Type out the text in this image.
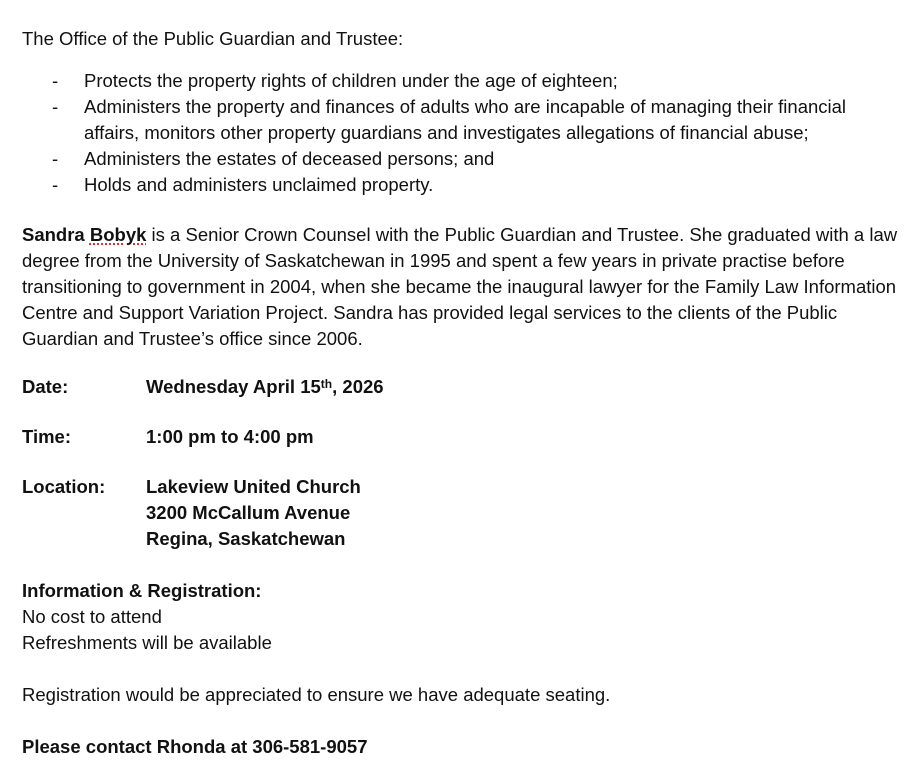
The Office of the Public Guardian and Trustee:

- Protects the property rights of children under the age of eighteen;
- Administers the property and finances of adults who are incapable of managing their financial affairs, monitors other property guardians and investigates allegations of financial abuse;
- Administers the estates of deceased persons; and
- Holds and administers unclaimed property.

Sandra Bobyk is a Senior Crown Counsel with the Public Guardian and Trustee. She graduated with a law degree from the University of Saskatchewan in 1995 and spent a few years in private practise before transitioning to government in 2004, when she became the inaugural lawyer for the Family Law Information Centre and Support Variation Project. Sandra has provided legal services to the clients of the Public Guardian and Trustee’s office since 2006.

Date:	Wednesday April 15th, 2026
Time:	1:00 pm to 4:00 pm
Location:	Lakeview United Church
3200 McCallum Avenue
Regina, Saskatchewan
Information & Registration:
No cost to attend
Refreshments will be available
Registration would be appreciated to ensure we have adequate seating.
Please contact Rhonda at 306-581-9057
